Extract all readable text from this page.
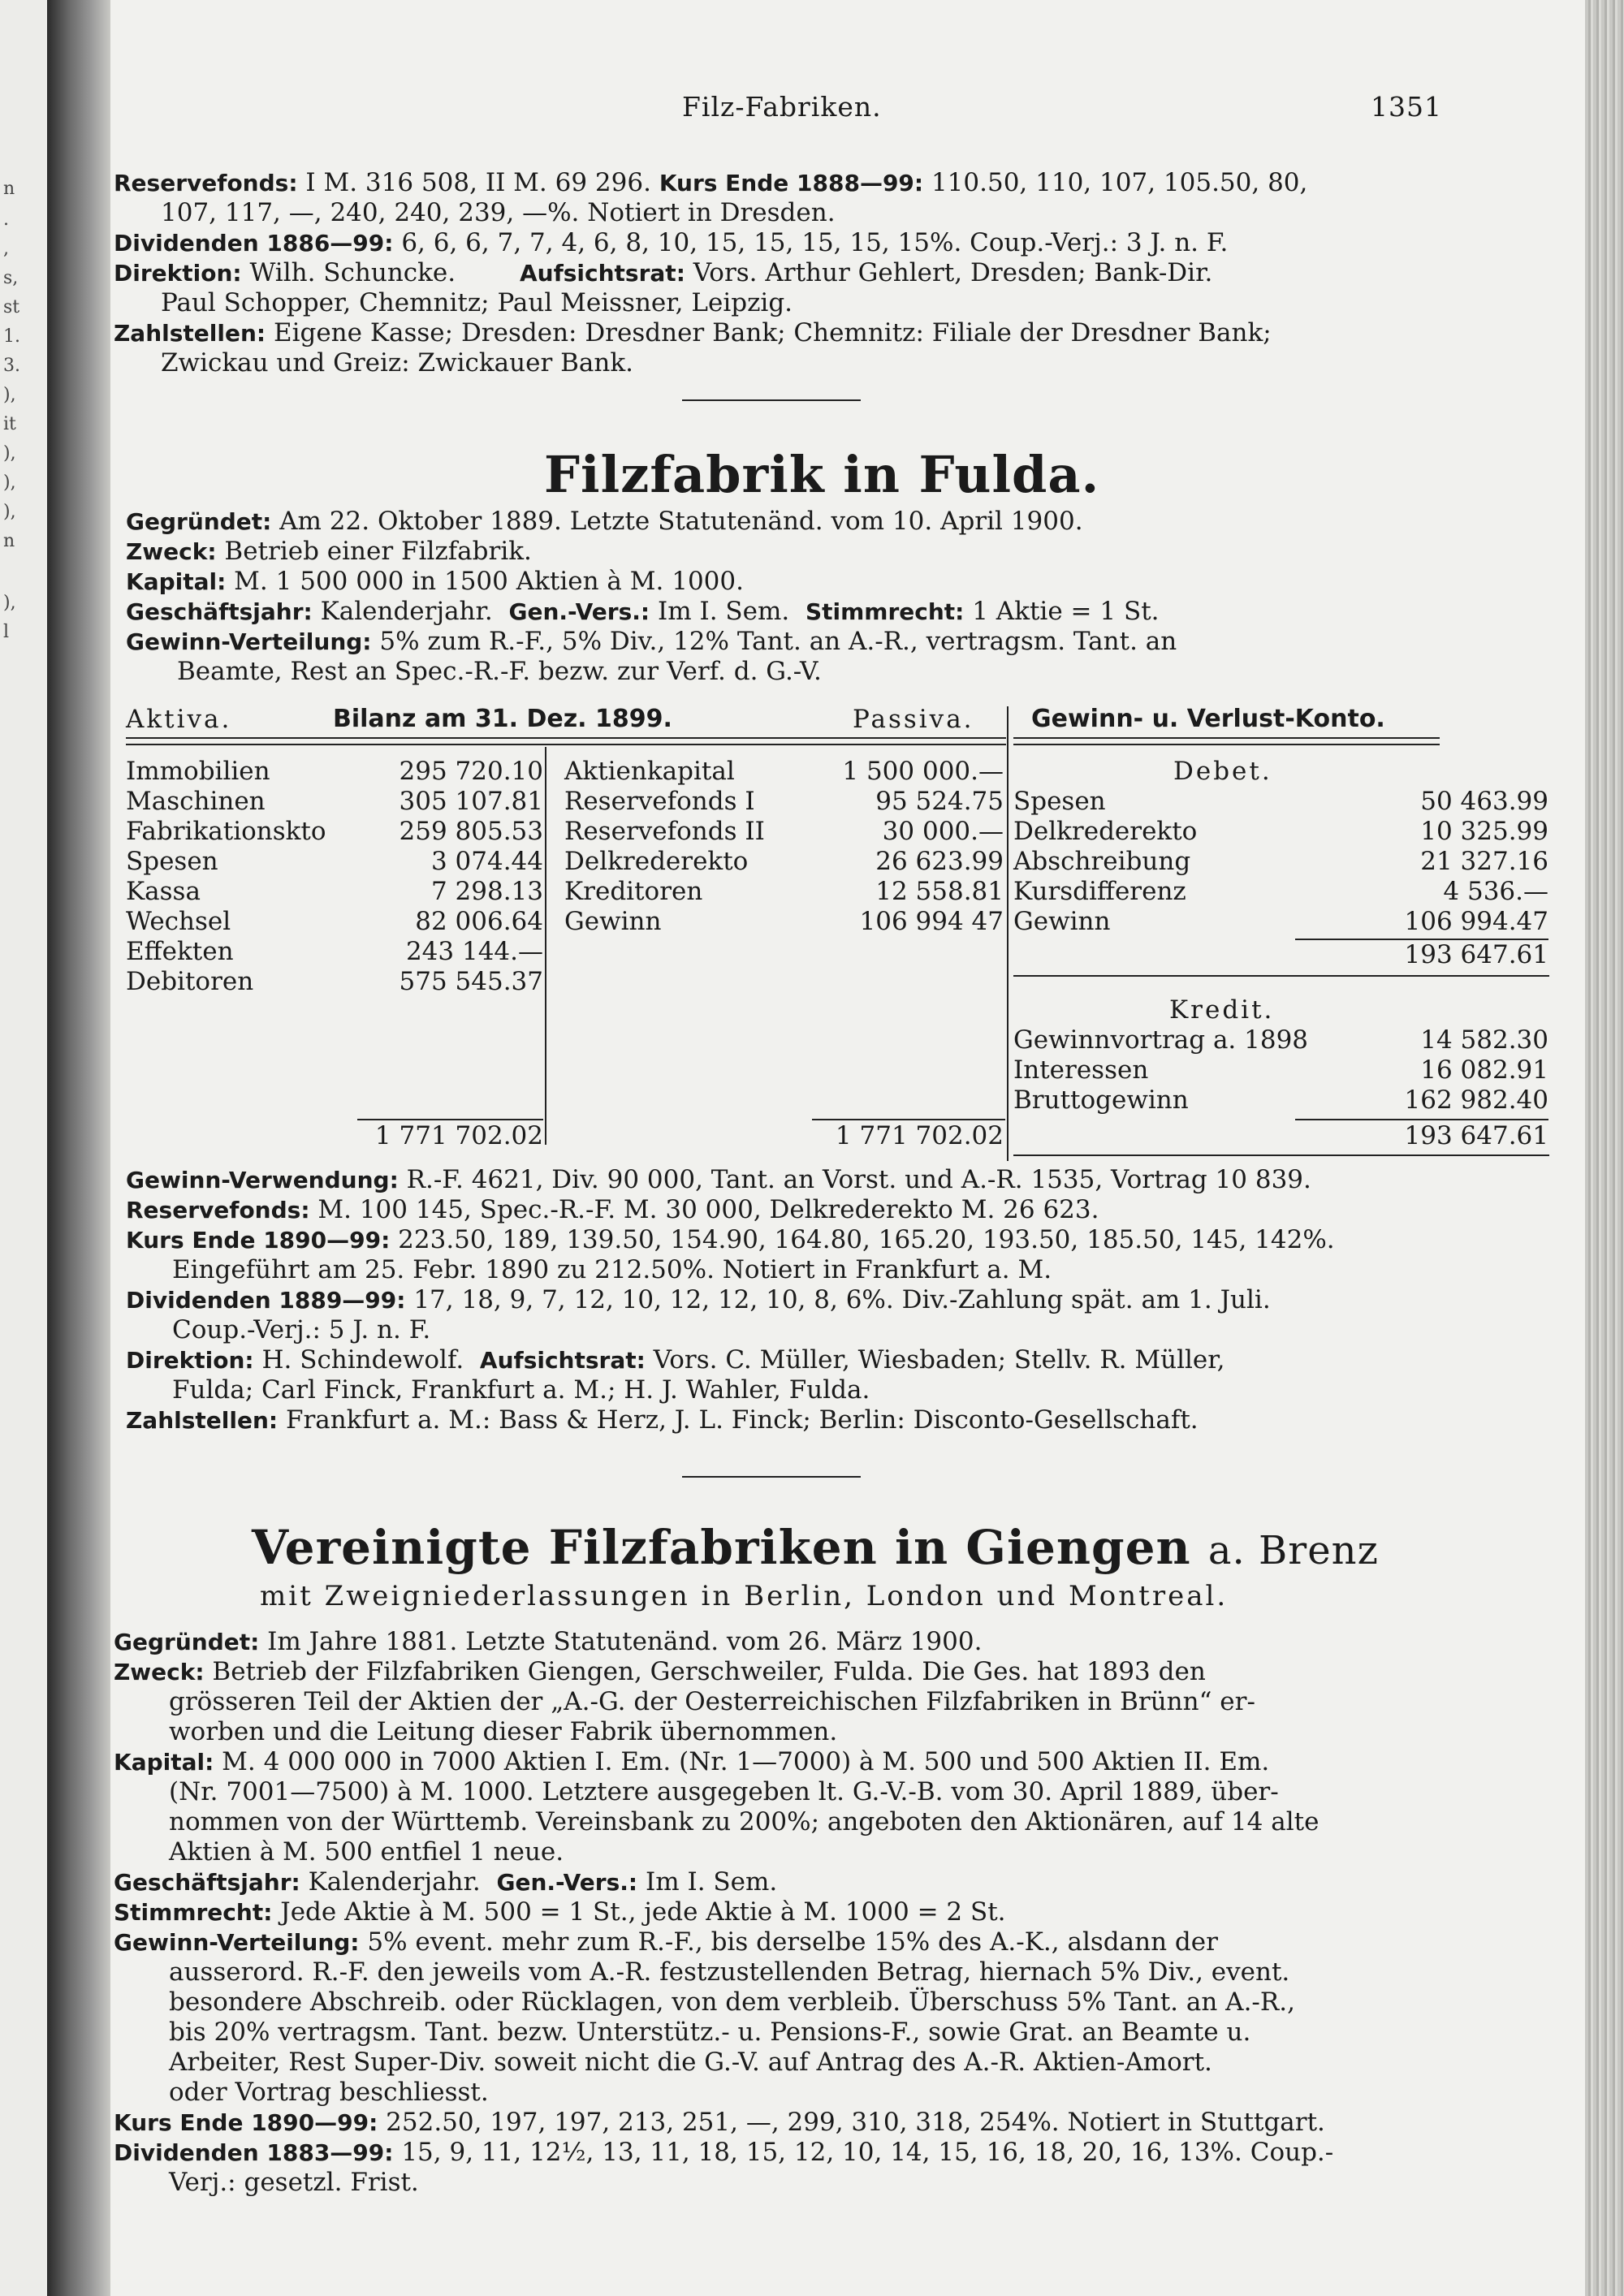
n
.
,
s,
st
1.
3.
),
it
),
),
),
n
),
l
Filz-Fabriken.	1351
Reservefonds: I M. 316 508, II M. 69 296. Kurs Ende 1888—99: 110.50, 110, 107, 105.50, 80,
107, 117, —, 240, 240, 239, —%. Notiert in Dresden.
Dividenden 1886—99: 6, 6, 6, 7, 7, 4, 6, 8, 10, 15, 15, 15, 15, 15%. Coup.-Verj.: 3 J. n. F.
Direktion: Wilh. Schuncke.	Aufsichtsrat: Vors. Arthur Gehlert, Dresden; Bank-Dir.
Paul Schopper, Chemnitz; Paul Meissner, Leipzig.
Zahlstellen: Eigene Kasse; Dresden: Dresdner Bank; Chemnitz: Filiale der Dresdner Bank;
Zwickau und Greiz: Zwickauer Bank.
Filzfabrik in Fulda.
Gegründet: Am 22. Oktober 1889. Letzte Statutenänd. vom 10. April 1900.
Zweck: Betrieb einer Filzfabrik.
Kapital: M. 1 500 000 in 1500 Aktien à M. 1000.
Geschäftsjahr: Kalenderjahr. Gen.-Vers.: Im I. Sem. Stimmrecht: 1 Aktie = 1 St.
Gewinn-Verteilung: 5% zum R.-F., 5% Div., 12% Tant. an A.-R., vertragsm. Tant. an
Beamte, Rest an Spec.-R.-F. bezw. zur Verf. d. G.-V.
Aktiva.	Bilanz am 31. Dez. 1899.	Passiva. Gewinn- u. Verlust-Konto.
Immobilien	295 720.10
Maschinen	305 107.81
Fabrikationskto	259 805.53
Spesen	3 074.44
Kassa	7 298.13
Wechsel	82 006.64
Effekten	243 144.—
Debitoren	575 545.37
Aktienkapital	1 500 000.—
Reservefonds I	95 524.75
Reservefonds II	30 000.—
Delkrederekto	26 623.99
Kreditoren	12 558.81
Gewinn	106 994 47
1 771 702.02	1 771 702.02
Debet.
Spesen	50 463.99
Delkrederekto	10 325.99
Abschreibung	21 327.16
Kursdifferenz	4 536.—
Gewinn	106 994.47
193 647.61
Kredit.
Gewinnvortrag a. 1898	14 582.30
Interessen	16 082.91
Bruttogewinn	162 982.40
193 647.61
Gewinn-Verwendung: R.-F. 4621, Div. 90 000, Tant. an Vorst. und A.-R. 1535, Vortrag 10 839.
Reservefonds: M. 100 145, Spec.-R.-F. M. 30 000, Delkrederekto M. 26 623.
Kurs Ende 1890—99: 223.50, 189, 139.50, 154.90, 164.80, 165.20, 193.50, 185.50, 145, 142%.
Eingeführt am 25. Febr. 1890 zu 212.50%. Notiert in Frankfurt a. M.
Dividenden 1889—99: 17, 18, 9, 7, 12, 10, 12, 12, 10, 8, 6%. Div.-Zahlung spät. am 1. Juli.
Coup.-Verj.: 5 J. n. F.
Direktion: H. Schindewolf. Aufsichtsrat: Vors. C. Müller, Wiesbaden; Stellv. R. Müller,
Fulda; Carl Finck, Frankfurt a. M.; H. J. Wahler, Fulda.
Zahlstellen: Frankfurt a. M.: Bass & Herz, J. L. Finck; Berlin: Disconto-Gesellschaft.
Vereinigte Filzfabriken in Giengen a. Brenz
mit Zweigniederlassungen in Berlin, London und Montreal.
Gegründet: Im Jahre 1881. Letzte Statutenänd. vom 26. März 1900.
Zweck: Betrieb der Filzfabriken Giengen, Gerschweiler, Fulda. Die Ges. hat 1893 den
grösseren Teil der Aktien der „A.-G. der Oesterreichischen Filzfabriken in Brünn“ er-
worben und die Leitung dieser Fabrik übernommen.
Kapital: M. 4 000 000 in 7000 Aktien I. Em. (Nr. 1—7000) à M. 500 und 500 Aktien II. Em.
(Nr. 7001—7500) à M. 1000. Letztere ausgegeben lt. G.-V.-B. vom 30. April 1889, über-
nommen von der Württemb. Vereinsbank zu 200%; angeboten den Aktionären, auf 14 alte
Aktien à M. 500 entfiel 1 neue.
Geschäftsjahr: Kalenderjahr. Gen.-Vers.: Im I. Sem.
Stimmrecht: Jede Aktie à M. 500 = 1 St., jede Aktie à M. 1000 = 2 St.
Gewinn-Verteilung: 5% event. mehr zum R.-F., bis derselbe 15% des A.-K., alsdann der
ausserord. R.-F. den jeweils vom A.-R. festzustellenden Betrag, hiernach 5% Div., event.
besondere Abschreib. oder Rücklagen, von dem verbleib. Überschuss 5% Tant. an A.-R.,
bis 20% vertragsm. Tant. bezw. Unterstütz.- u. Pensions-F., sowie Grat. an Beamte u.
Arbeiter, Rest Super-Div. soweit nicht die G.-V. auf Antrag des A.-R. Aktien-Amort.
oder Vortrag beschliesst.
Kurs Ende 1890—99: 252.50, 197, 197, 213, 251, —, 299, 310, 318, 254%. Notiert in Stuttgart.
Dividenden 1883—99: 15, 9, 11, 12½, 13, 11, 18, 15, 12, 10, 14, 15, 16, 18, 20, 16, 13%. Coup.-
Verj.: gesetzl. Frist.
